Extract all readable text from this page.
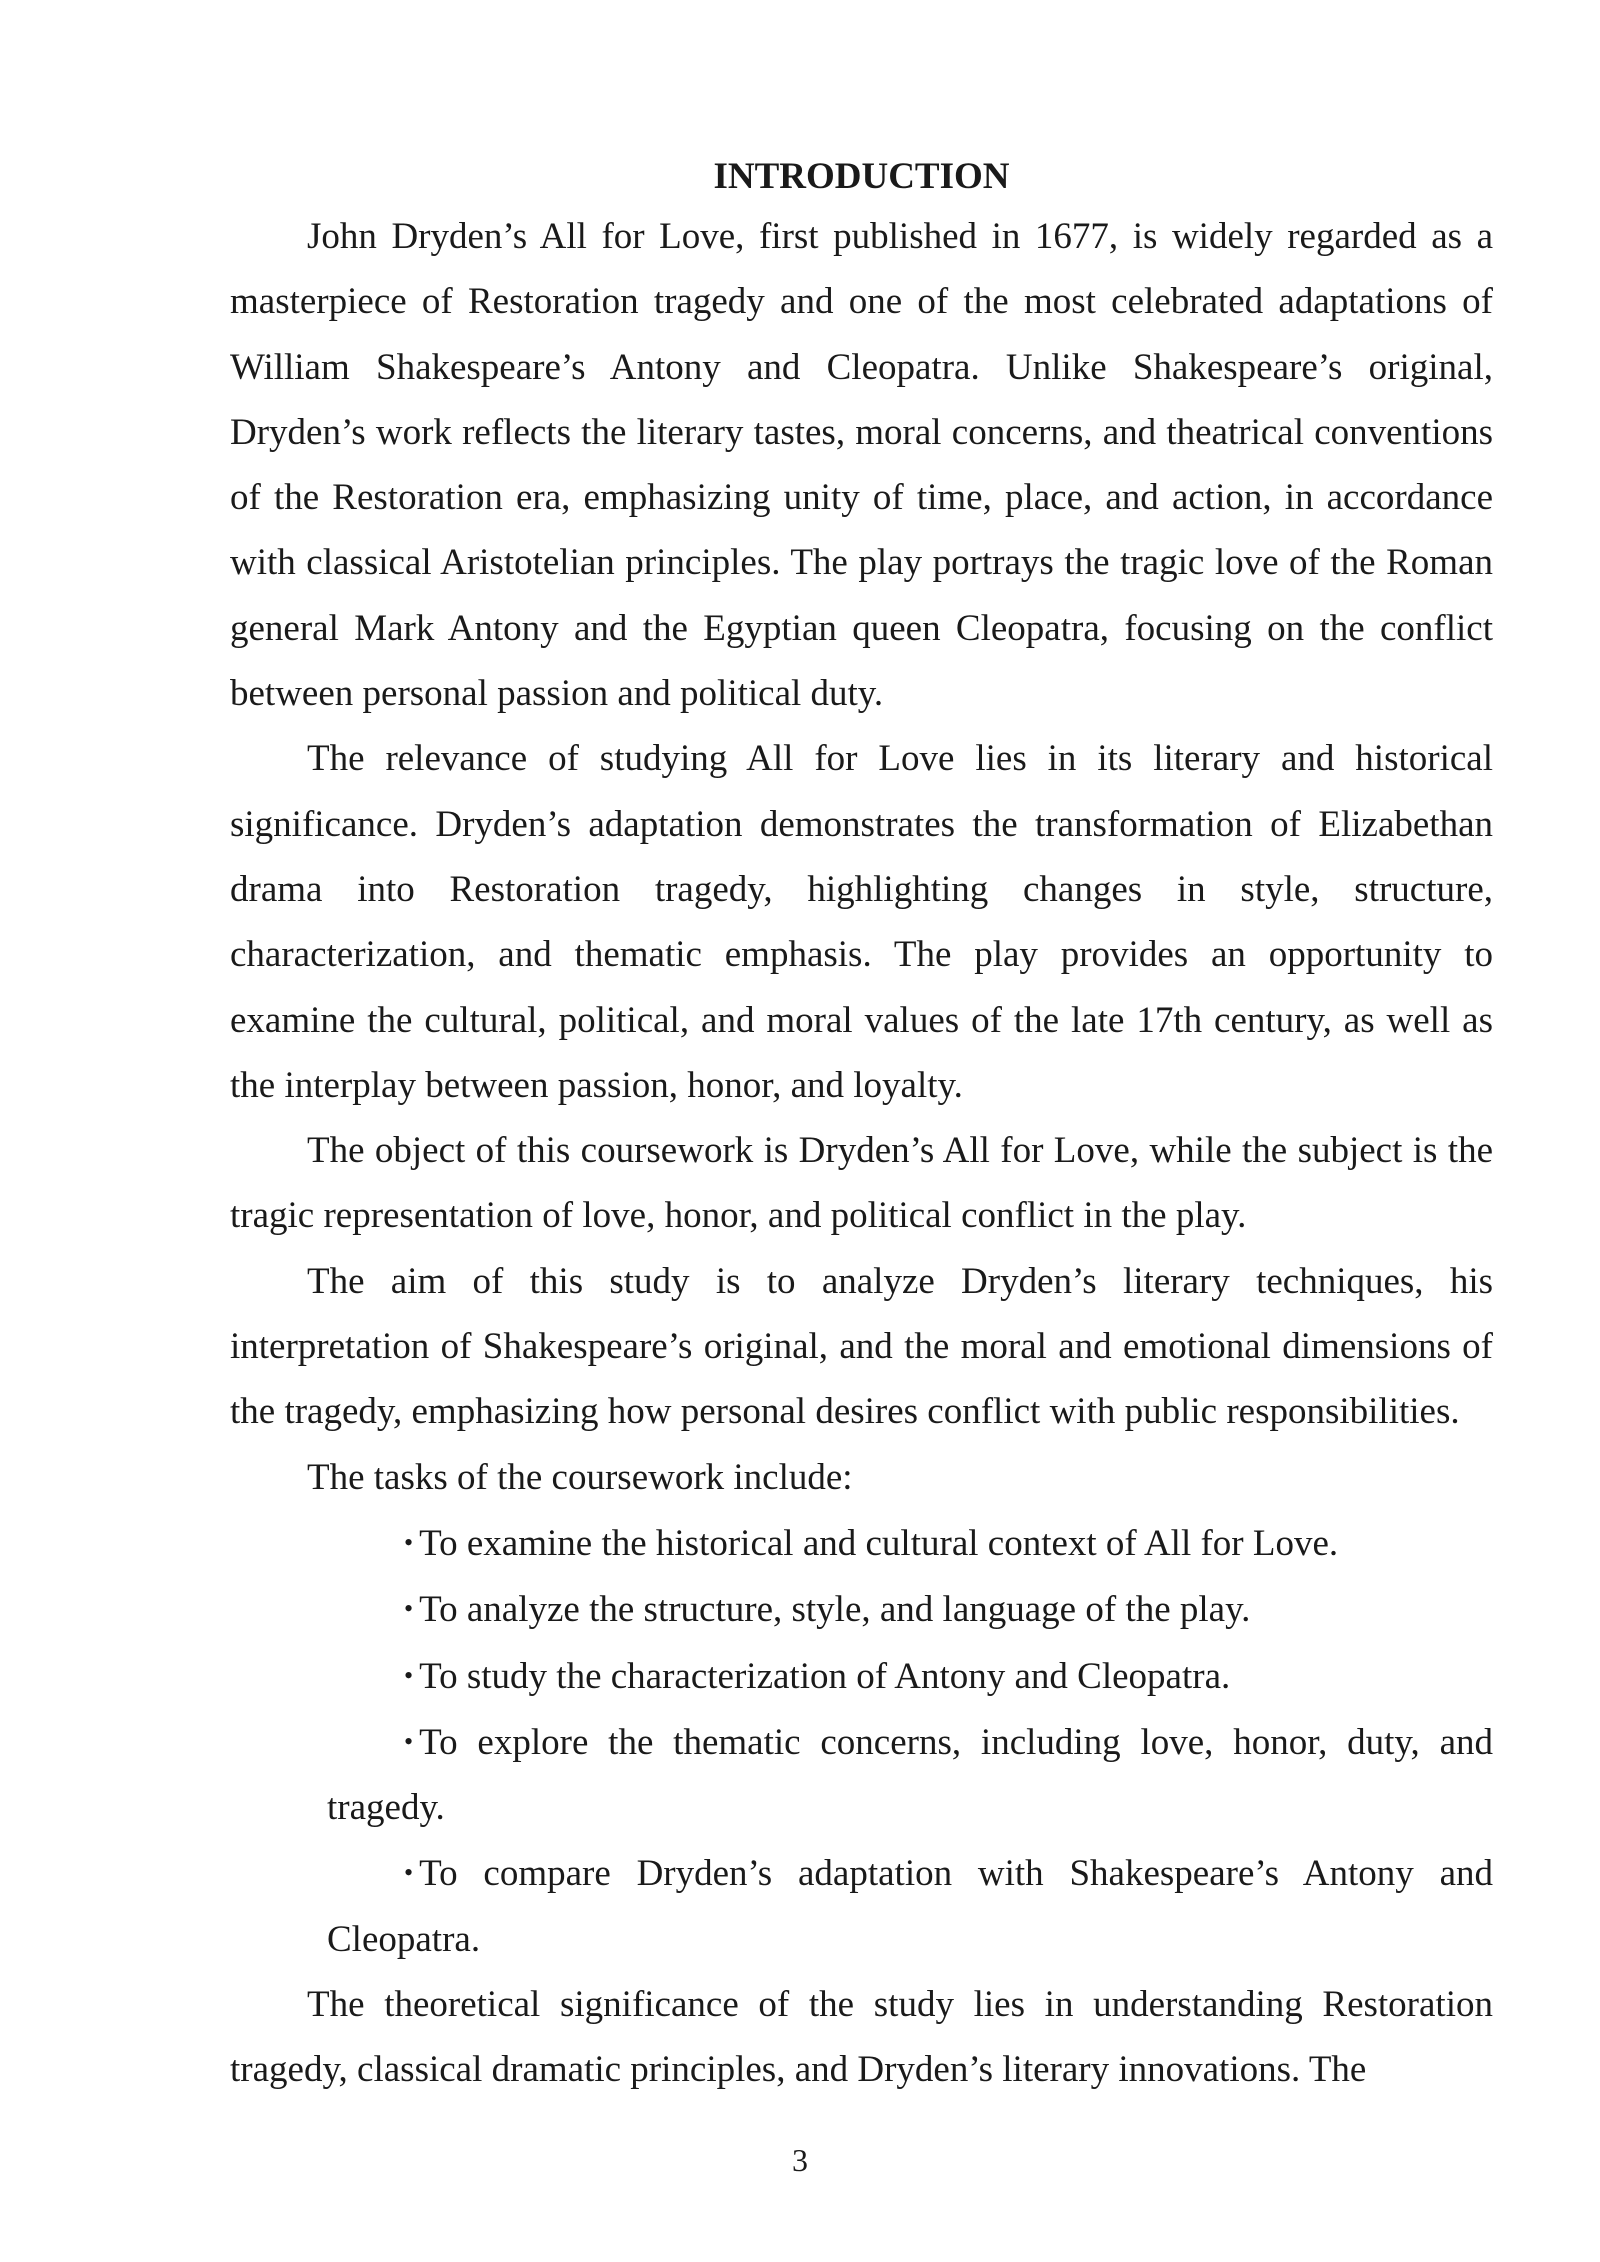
INTRODUCTION

John Dryden’s All for Love, first published in 1677, is widely regarded as a masterpiece of Restoration tragedy and one of the most celebrated adaptations of William Shakespeare’s Antony and Cleopatra. Unlike Shakespeare’s original, Dryden’s work reflects the literary tastes, moral concerns, and theatrical conventions of the Restoration era, emphasizing unity of time, place, and action, in accordance with classical Aristotelian principles. The play portrays the tragic love of the Roman general Mark Antony and the Egyptian queen Cleopatra, focusing on the conflict between personal passion and political duty.

The relevance of studying All for Love lies in its literary and historical significance. Dryden’s adaptation demonstrates the transformation of Elizabethan drama into Restoration tragedy, highlighting changes in style, structure, characterization, and thematic emphasis. The play provides an opportunity to examine the cultural, political, and moral values of the late 17th century, as well as the interplay between passion, honor, and loyalty.

The object of this coursework is Dryden’s All for Love, while the subject is the tragic representation of love, honor, and political conflict in the play.

The aim of this study is to analyze Dryden’s literary techniques, his interpretation of Shakespeare’s original, and the moral and emotional dimensions of the tragedy, emphasizing how personal desires conflict with public responsibilities.

The tasks of the coursework include:

• To examine the historical and cultural context of All for Love.
• To analyze the structure, style, and language of the play.
• To study the characterization of Antony and Cleopatra.
• To explore the thematic concerns, including love, honor, duty, and tragedy.
• To compare Dryden’s adaptation with Shakespeare’s Antony and Cleopatra.

The theoretical significance of the study lies in understanding Restoration tragedy, classical dramatic principles, and Dryden’s literary innovations. The

3
